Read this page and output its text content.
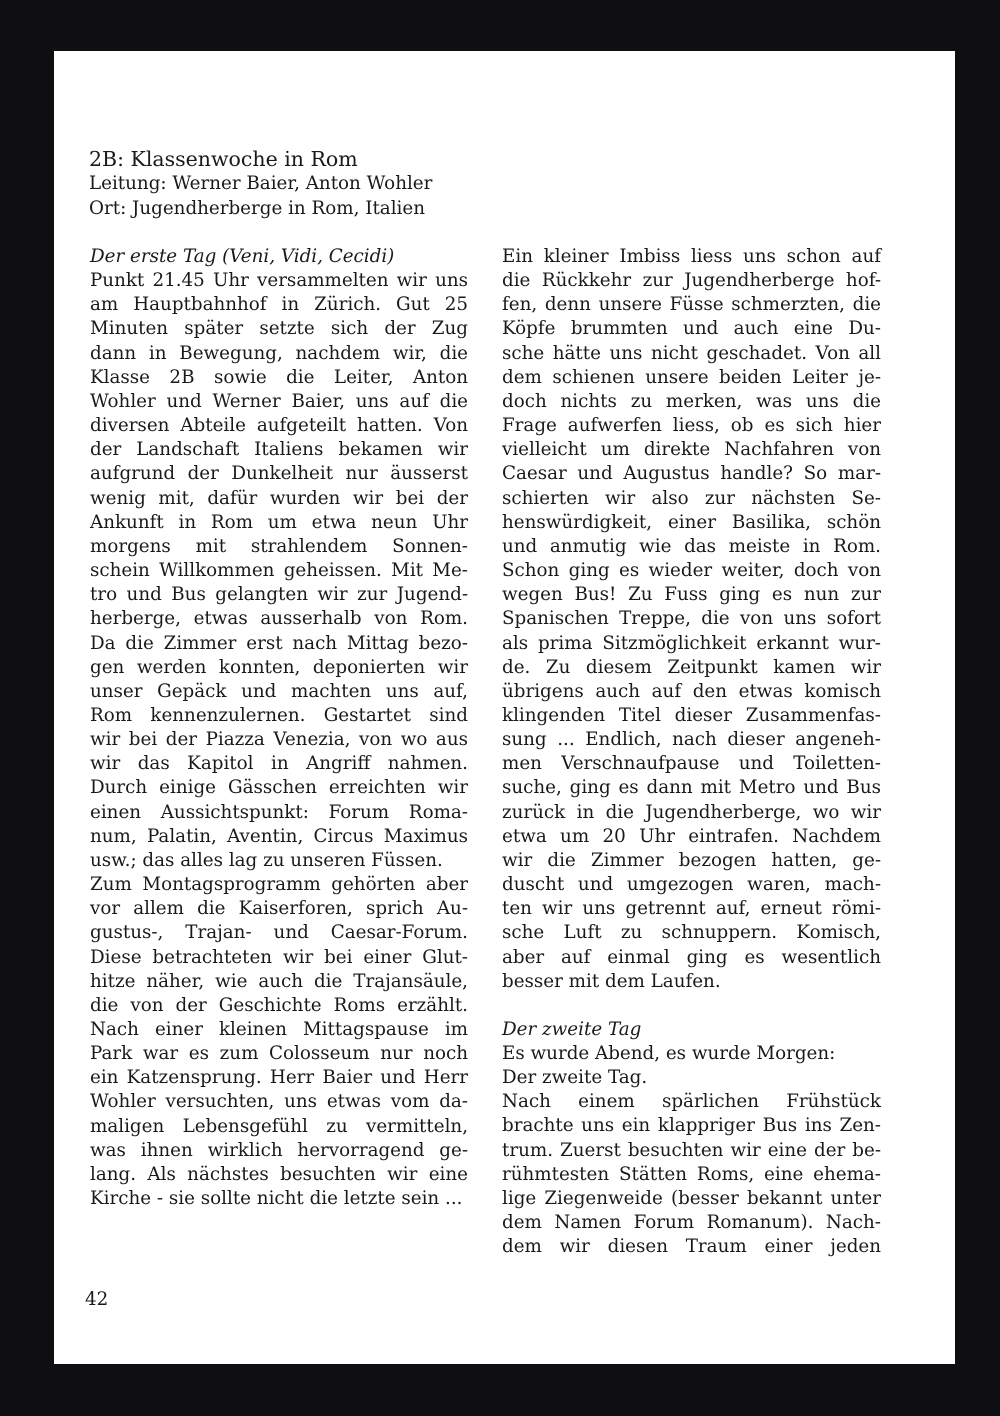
2B: Klassenwoche in Rom
Leitung: Werner Baier, Anton Wohler
Ort: Jugendherberge in Rom, Italien

Der erste Tag (Veni, Vidi, Cecidi)

Punkt 21.45 Uhr versammelten wir uns
am Hauptbahnhof in Zürich. Gut 25
Minuten später setzte sich der Zug
dann in Bewegung, nachdem wir, die
Klasse 2B sowie die Leiter, Anton
Wohler und Werner Baier, uns auf die
diversen Abteile aufgeteilt hatten. Von
der Landschaft Italiens bekamen wir
aufgrund der Dunkelheit nur äusserst
wenig mit, dafür wurden wir bei der
Ankunft in Rom um etwa neun Uhr
morgens mit strahlendem Sonnen-
schein Willkommen geheissen. Mit Me-
tro und Bus gelangten wir zur Jugend-
herberge, etwas ausserhalb von Rom.
Da die Zimmer erst nach Mittag bezo-
gen werden konnten, deponierten wir
unser Gepäck und machten uns auf,
Rom kennenzulernen. Gestartet sind
wir bei der Piazza Venezia, von wo aus
wir das Kapitol in Angriff nahmen.
Durch einige Gässchen erreichten wir
einen Aussichtspunkt: Forum Roma-
num, Palatin, Aventin, Circus Maximus
usw.; das alles lag zu unseren Füssen.
Zum Montagsprogramm gehörten aber
vor allem die Kaiserforen, sprich Au-
gustus-, Trajan- und Caesar-Forum.
Diese betrachteten wir bei einer Glut-
hitze näher, wie auch die Trajansäule,
die von der Geschichte Roms erzählt.
Nach einer kleinen Mittagspause im
Park war es zum Colosseum nur noch
ein Katzensprung. Herr Baier und Herr
Wohler versuchten, uns etwas vom da-
maligen Lebensgefühl zu vermitteln,
was ihnen wirklich hervorragend ge-
lang. Als nächstes besuchten wir eine
Kirche - sie sollte nicht die letzte sein ...
Ein kleiner Imbiss liess uns schon auf
die Rückkehr zur Jugendherberge hof-
fen, denn unsere Füsse schmerzten, die
Köpfe brummten und auch eine Du-
sche hätte uns nicht geschadet. Von all
dem schienen unsere beiden Leiter je-
doch nichts zu merken, was uns die
Frage aufwerfen liess, ob es sich hier
vielleicht um direkte Nachfahren von
Caesar und Augustus handle? So mar-
schierten wir also zur nächsten Se-
henswürdigkeit, einer Basilika, schön
und anmutig wie das meiste in Rom.
Schon ging es wieder weiter, doch von
wegen Bus! Zu Fuss ging es nun zur
Spanischen Treppe, die von uns sofort
als prima Sitzmöglichkeit erkannt wur-
de. Zu diesem Zeitpunkt kamen wir
übrigens auch auf den etwas komisch
klingenden Titel dieser Zusammenfas-
sung ... Endlich, nach dieser angeneh-
men Verschnaufpause und Toiletten-
suche, ging es dann mit Metro und Bus
zurück in die Jugendherberge, wo wir
etwa um 20 Uhr eintrafen. Nachdem
wir die Zimmer bezogen hatten, ge-
duscht und umgezogen waren, mach-
ten wir uns getrennt auf, erneut römi-
sche Luft zu schnuppern. Komisch,
aber auf einmal ging es wesentlich
besser mit dem Laufen.

Der zweite Tag

Es wurde Abend, es wurde Morgen:
Der zweite Tag.
Nach einem spärlichen Frühstück
brachte uns ein klappriger Bus ins Zen-
trum. Zuerst besuchten wir eine der be-
rühmtesten Stätten Roms, eine ehema-
lige Ziegenweide (besser bekannt unter
dem Namen Forum Romanum). Nach-
dem wir diesen Traum einer jeden
42
